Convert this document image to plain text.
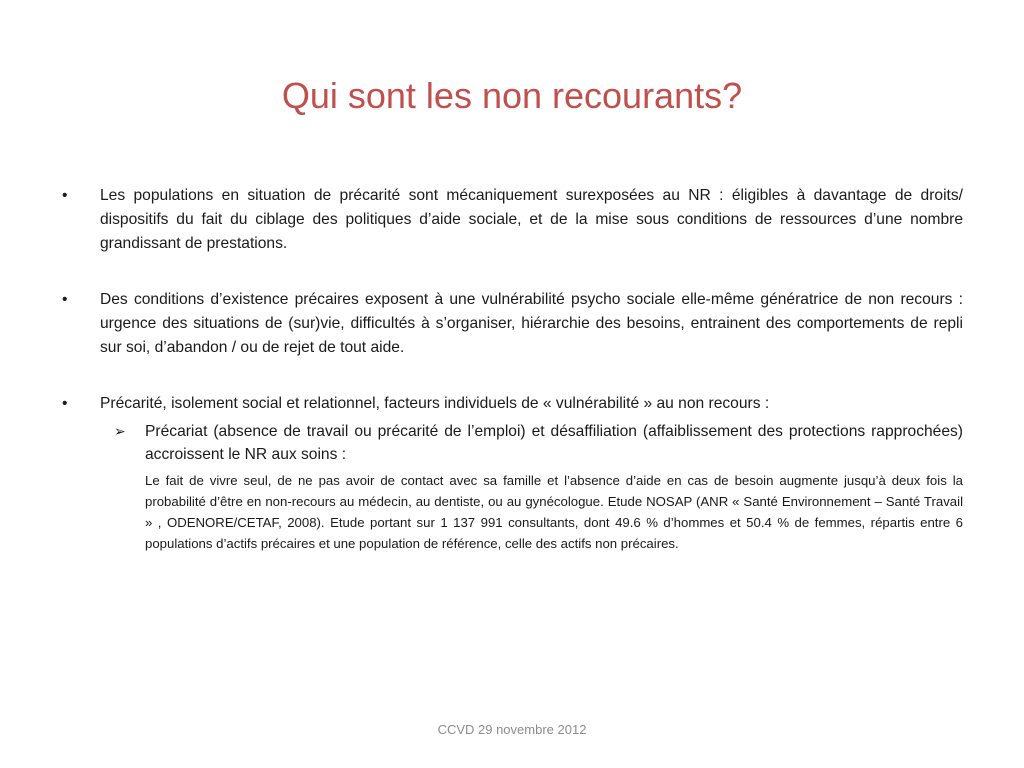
Qui sont les non recourants?
• Les populations en situation de précarité sont mécaniquement surexposées au NR : éligibles à davantage de droits/ dispositifs du fait du ciblage des politiques d’aide sociale, et de la mise sous conditions de ressources d’une nombre grandissant de prestations.
• Des conditions d’existence précaires exposent à une vulnérabilité psycho sociale elle-même génératrice de non recours : urgence des situations de (sur)vie, difficultés à s’organiser, hiérarchie des besoins, entrainent des comportements de repli sur soi, d’abandon / ou de rejet de tout aide.
• Précarité, isolement social et relationnel, facteurs individuels de « vulnérabilité » au non recours :
➢ Précariat (absence de travail ou précarité de l’emploi) et désaffiliation (affaiblissement des protections rapprochées) accroissent le NR aux soins :
Le fait de vivre seul, de ne pas avoir de contact avec sa famille et l’absence d’aide en cas de besoin augmente jusqu’à deux fois la probabilité d’être en non-recours au médecin, au dentiste, ou au gynécologue. Etude NOSAP (ANR « Santé Environnement – Santé Travail » , ODENORE/CETAF, 2008). Etude portant sur 1 137 991 consultants, dont 49.6 % d’hommes et 50.4 % de femmes, répartis entre 6 populations d’actifs précaires et une population de référence, celle des actifs non précaires.
CCVD 29 novembre 2012
